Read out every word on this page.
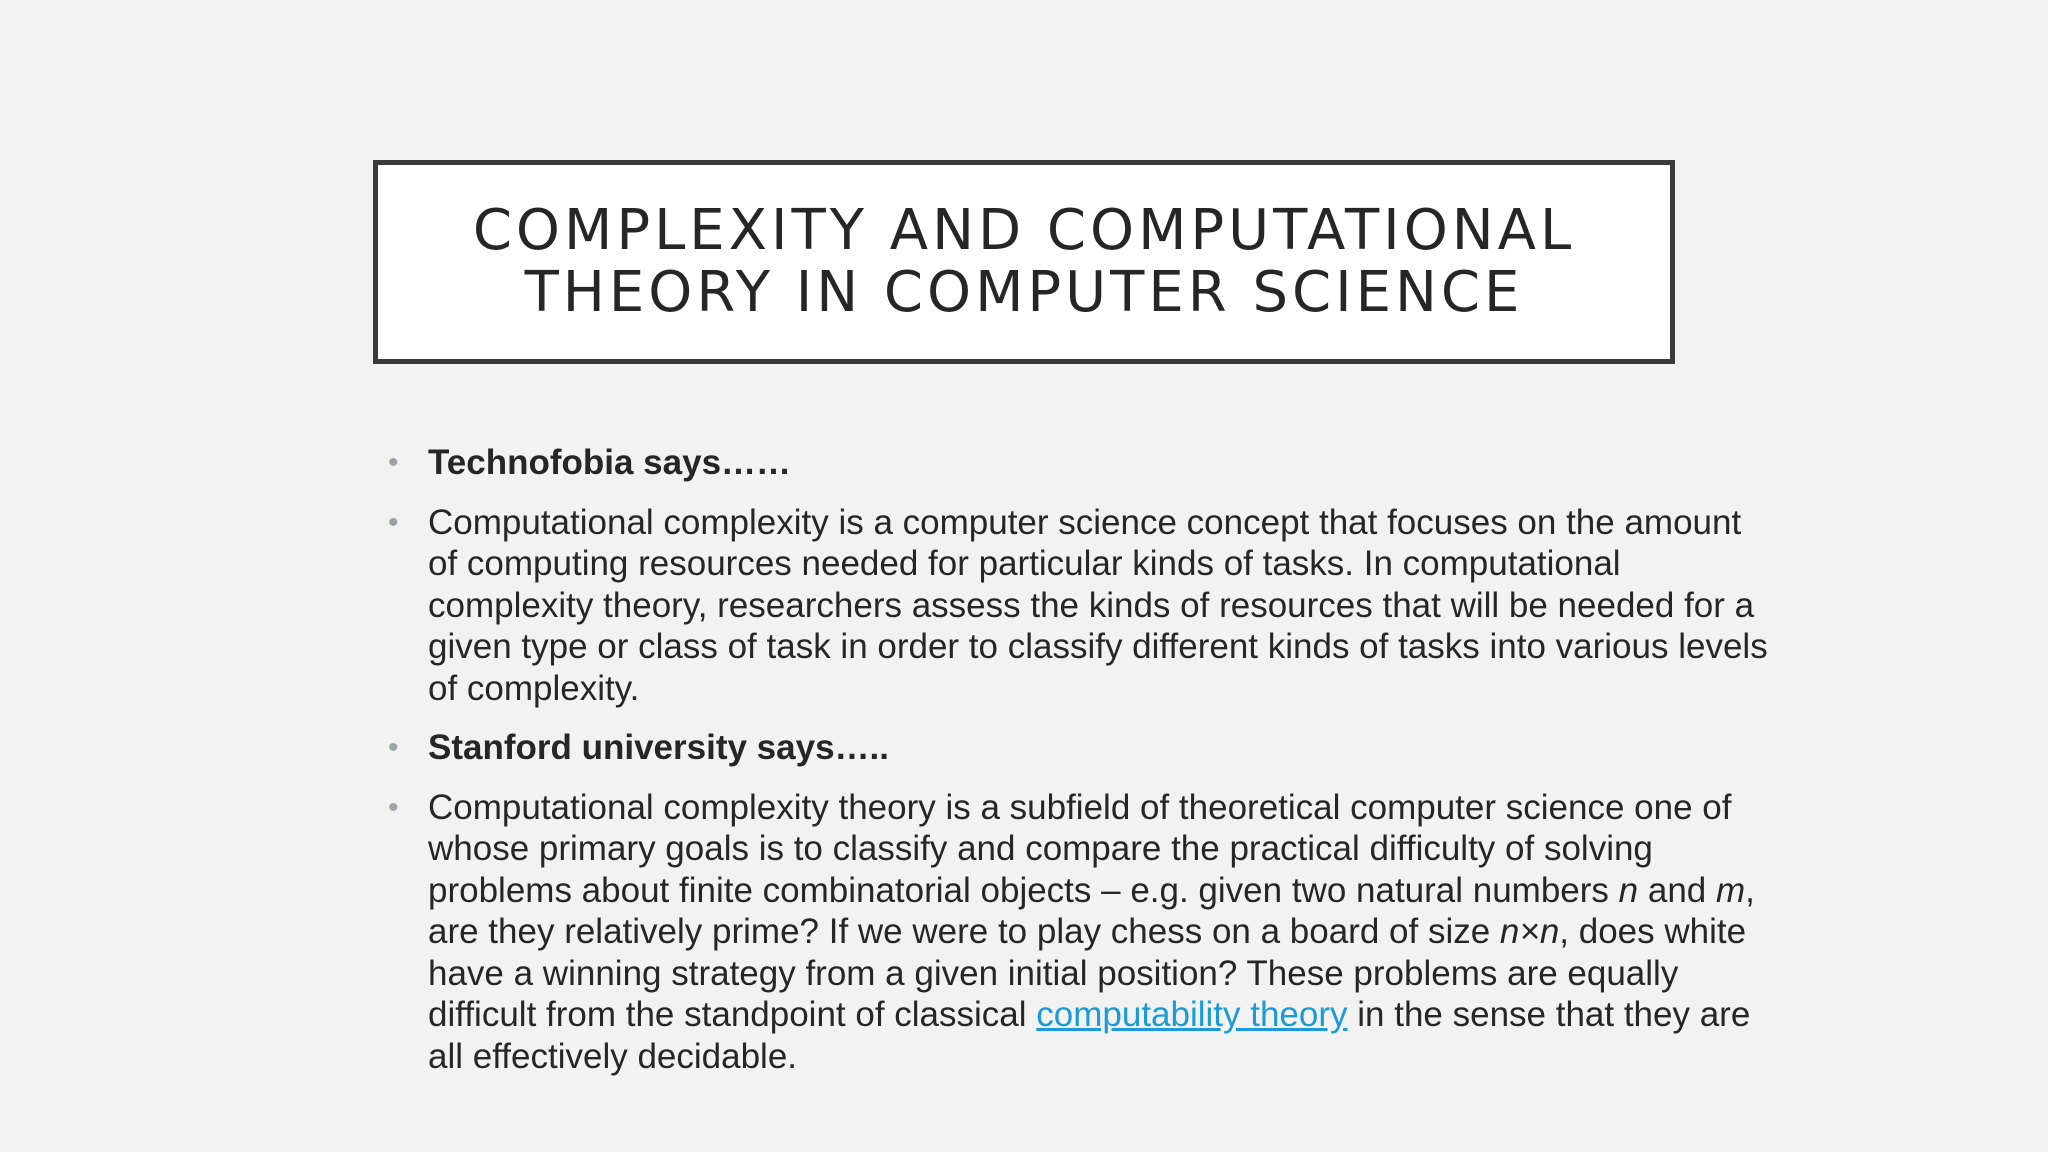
COMPLEXITY AND COMPUTATIONAL THEORY IN COMPUTER SCIENCE
• Technofobia says……
• Computational complexity is a computer science concept that focuses on the amount of computing resources needed for particular kinds of tasks. In computational complexity theory, researchers assess the kinds of resources that will be needed for a given type or class of task in order to classify different kinds of tasks into various levels of complexity.
• Stanford university says…..
• Computational complexity theory is a subfield of theoretical computer science one of whose primary goals is to classify and compare the practical difficulty of solving problems about finite combinatorial objects – e.g. given two natural numbers n and m, are they relatively prime? If we were to play chess on a board of size n×n, does white have a winning strategy from a given initial position? These problems are equally difficult from the standpoint of classical computability theory in the sense that they are all effectively decidable.
